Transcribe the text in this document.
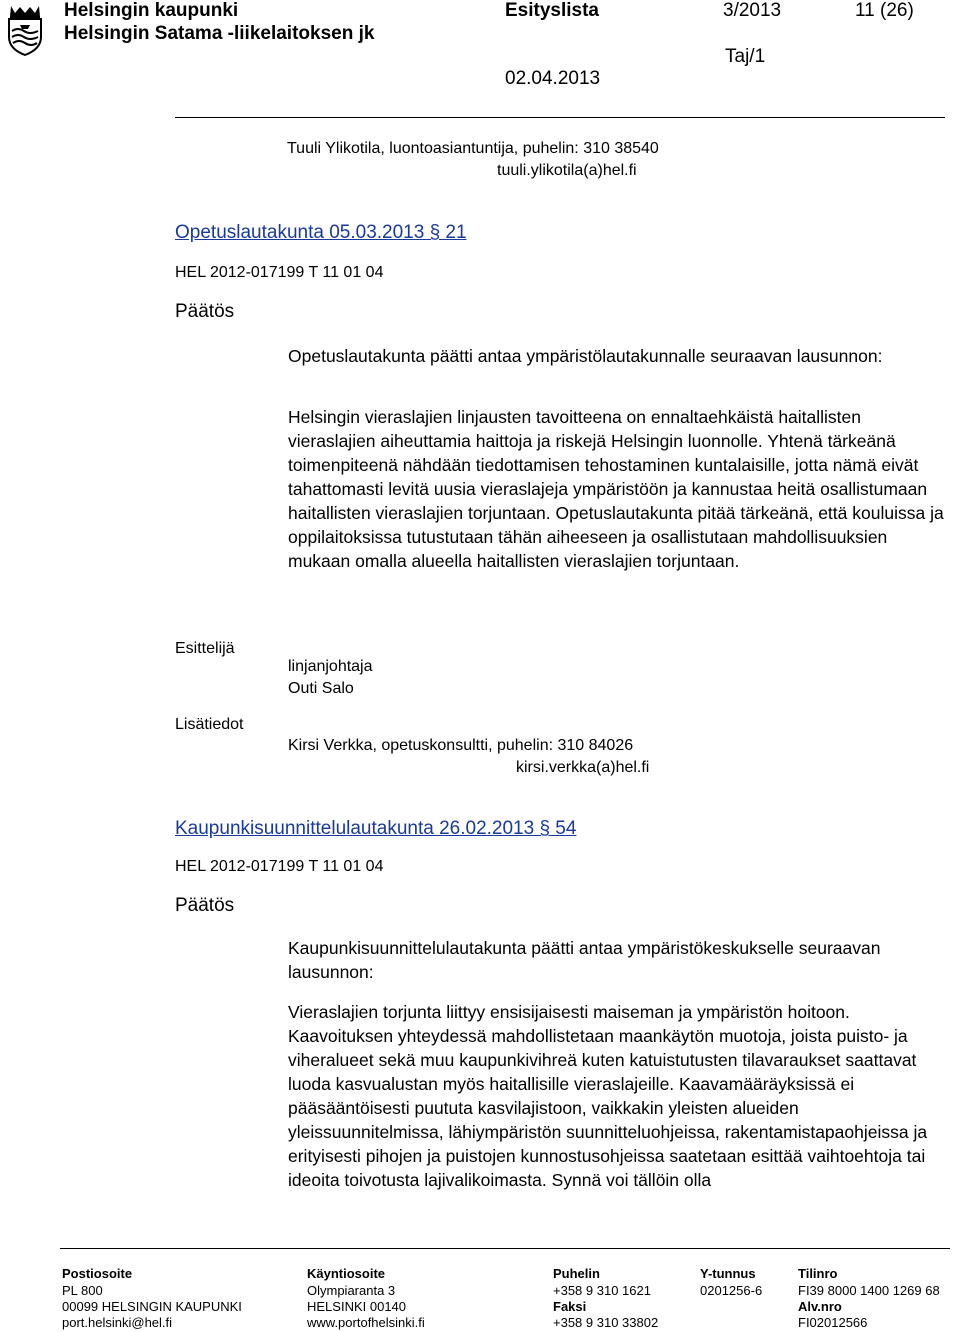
Helsingin kaupunki
Helsingin Satama -liikelaitoksen jk
Esityslista	3/2013	11 (26)
Taj/1
02.04.2013
Tuuli Ylikotila, luontoasiantuntija, puhelin: 310 38540
tuuli.ylikotila(a)hel.fi
Opetuslautakunta 05.03.2013 § 21
HEL 2012-017199 T 11 01 04
Päätös
Opetuslautakunta päätti antaa ympäristölautakunnalle seuraavan lausunnon:
Helsingin vieraslajien linjausten tavoitteena on ennaltaehkäistä haitallisten vieraslajien aiheuttamia haittoja ja riskejä Helsingin luonnolle. Yhtenä tärkeänä toimenpiteenä nähdään tiedottamisen tehostaminen kuntalaisille, jotta nämä eivät tahattomasti levitä uusia vieraslajeja ympäristöön ja kannustaa heitä osallistumaan haitallisten vieraslajien torjuntaan. Opetuslautakunta pitää tärkeänä, että kouluissa ja oppilaitoksissa tutustutaan tähän aiheeseen ja osallistutaan mahdollisuuksien mukaan omalla alueella haitallisten vieraslajien torjuntaan.
Esittelijä
linjanjohtaja
Outi Salo
Lisätiedot
Kirsi Verkka, opetuskonsultti, puhelin: 310 84026
kirsi.verkka(a)hel.fi
Kaupunkisuunnittelulautakunta 26.02.2013 § 54
HEL 2012-017199 T 11 01 04
Päätös
Kaupunkisuunnittelulautakunta päätti antaa ympäristökeskukselle seuraavan lausunnon:
Vieraslajien torjunta liittyy ensisijaisesti maiseman ja ympäristön hoitoon. Kaavoituksen yhteydessä mahdollistetaan maankäytön muotoja, joista puisto- ja viheralueet sekä muu kaupunkivihreä kuten katuistutusten tilavaraukset saattavat luoda kasvualustan myös haitallisille vieraslajeille. Kaavamääräyksissä ei pääsääntöisesti puututa kasvilajistoon, vaikkakin yleisten alueiden yleissuunnitelmissa, lähiympäristön suunnitteluohjeissa, rakentamistapaohjeissa ja erityisesti pihojen ja puistojen kunnostusohjeissa saatetaan esittää vaihtoehtoja tai ideoita toivotusta lajivalikoimasta. Synnä voi tällöin olla
Postiosoite
PL 800
00099 HELSINGIN KAUPUNKI
port.helsinki@hel.fi
Käyntiosoite
Olympiaranta 3
HELSINKI 00140
www.portofhelsinki.fi
Puhelin
+358 9 310 1621
Faksi
+358 9 310 33802
Y-tunnus
0201256-6
Tilinro
FI39 8000 1400 1269 68
Alv.nro
FI02012566
